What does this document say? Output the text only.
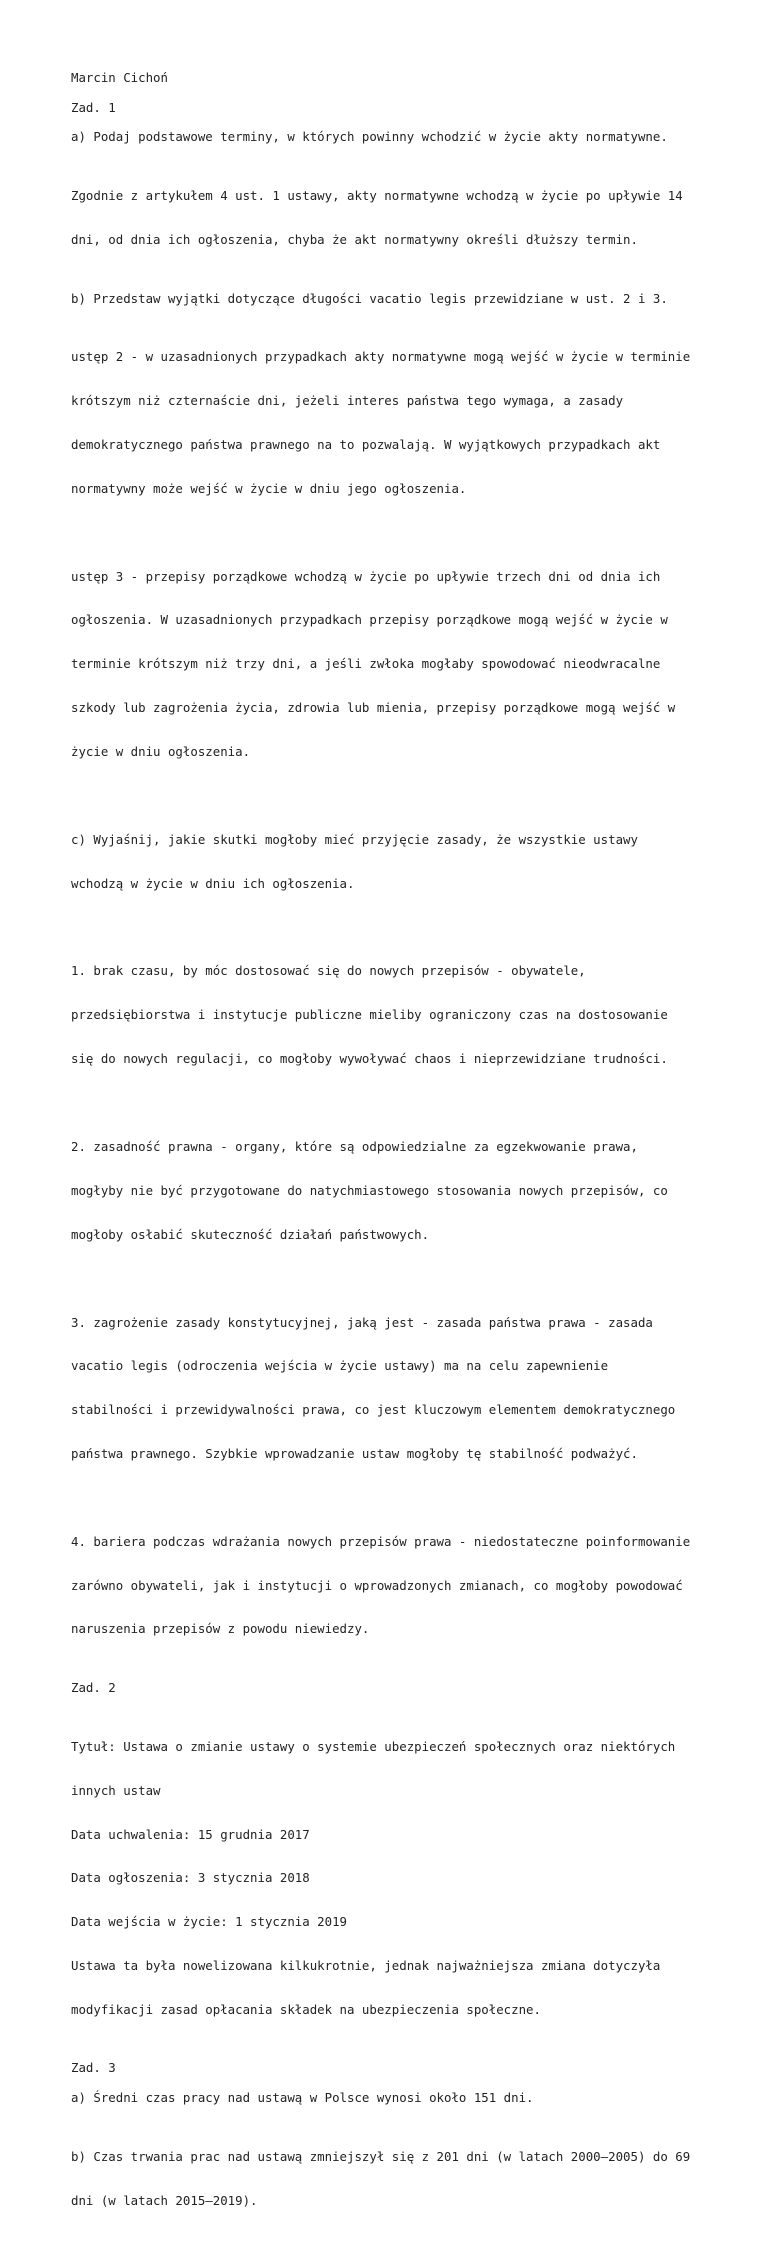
Marcin Cichoń
Zad. 1
a) Podaj podstawowe terminy, w których powinny wchodzić w życie akty normatywne.

Zgodnie z artykułem 4 ust. 1 ustawy, akty normatywne wchodzą w życie po upływie 14

dni, od dnia ich ogłoszenia, chyba że akt normatywny określi dłuższy termin.

b) Przedstaw wyjątki dotyczące długości vacatio legis przewidziane w ust. 2 i 3.

ustęp 2 - w uzasadnionych przypadkach akty normatywne mogą wejść w życie w terminie

krótszym niż czternaście dni, jeżeli interes państwa tego wymaga, a zasady

demokratycznego państwa prawnego na to pozwalają. W wyjątkowych przypadkach akt

normatywny może wejść w życie w dniu jego ogłoszenia.

ustęp 3 - przepisy porządkowe wchodzą w życie po upływie trzech dni od dnia ich

ogłoszenia. W uzasadnionych przypadkach przepisy porządkowe mogą wejść w życie w

terminie krótszym niż trzy dni, a jeśli zwłoka mogłaby spowodować nieodwracalne

szkody lub zagrożenia życia, zdrowia lub mienia, przepisy porządkowe mogą wejść w

życie w dniu ogłoszenia.

c) Wyjaśnij, jakie skutki mogłoby mieć przyjęcie zasady, że wszystkie ustawy

wchodzą w życie w dniu ich ogłoszenia.

1. brak czasu, by móc dostosować się do nowych przepisów - obywatele,

przedsiębiorstwa i instytucje publiczne mieliby ograniczony czas na dostosowanie

się do nowych regulacji, co mogłoby wywoływać chaos i nieprzewidziane trudności.

2. zasadność prawna - organy, które są odpowiedzialne za egzekwowanie prawa,

mogłyby nie być przygotowane do natychmiastowego stosowania nowych przepisów, co

mogłoby osłabić skuteczność działań państwowych.

3. zagrożenie zasady konstytucyjnej, jaką jest - zasada państwa prawa - zasada

vacatio legis (odroczenia wejścia w życie ustawy) ma na celu zapewnienie

stabilności i przewidywalności prawa, co jest kluczowym elementem demokratycznego

państwa prawnego. Szybkie wprowadzanie ustaw mogłoby tę stabilność podważyć.

4. bariera podczas wdrażania nowych przepisów prawa - niedostateczne poinformowanie

zarówno obywateli, jak i instytucji o wprowadzonych zmianach, co mogłoby powodować

naruszenia przepisów z powodu niewiedzy.

Zad. 2

Tytuł: Ustawa o zmianie ustawy o systemie ubezpieczeń społecznych oraz niektórych

innych ustaw

Data uchwalenia: 15 grudnia 2017

Data ogłoszenia: 3 stycznia 2018

Data wejścia w życie: 1 stycznia 2019

Ustawa ta była nowelizowana kilkukrotnie, jednak najważniejsza zmiana dotyczyła

modyfikacji zasad opłacania składek na ubezpieczenia społeczne.

Zad. 3
a) Średni czas pracy nad ustawą w Polsce wynosi około 151 dni.

b) Czas trwania prac nad ustawą zmniejszył się z 201 dni (w latach 2000–2005) do 69

dni (w latach 2015–2019).
